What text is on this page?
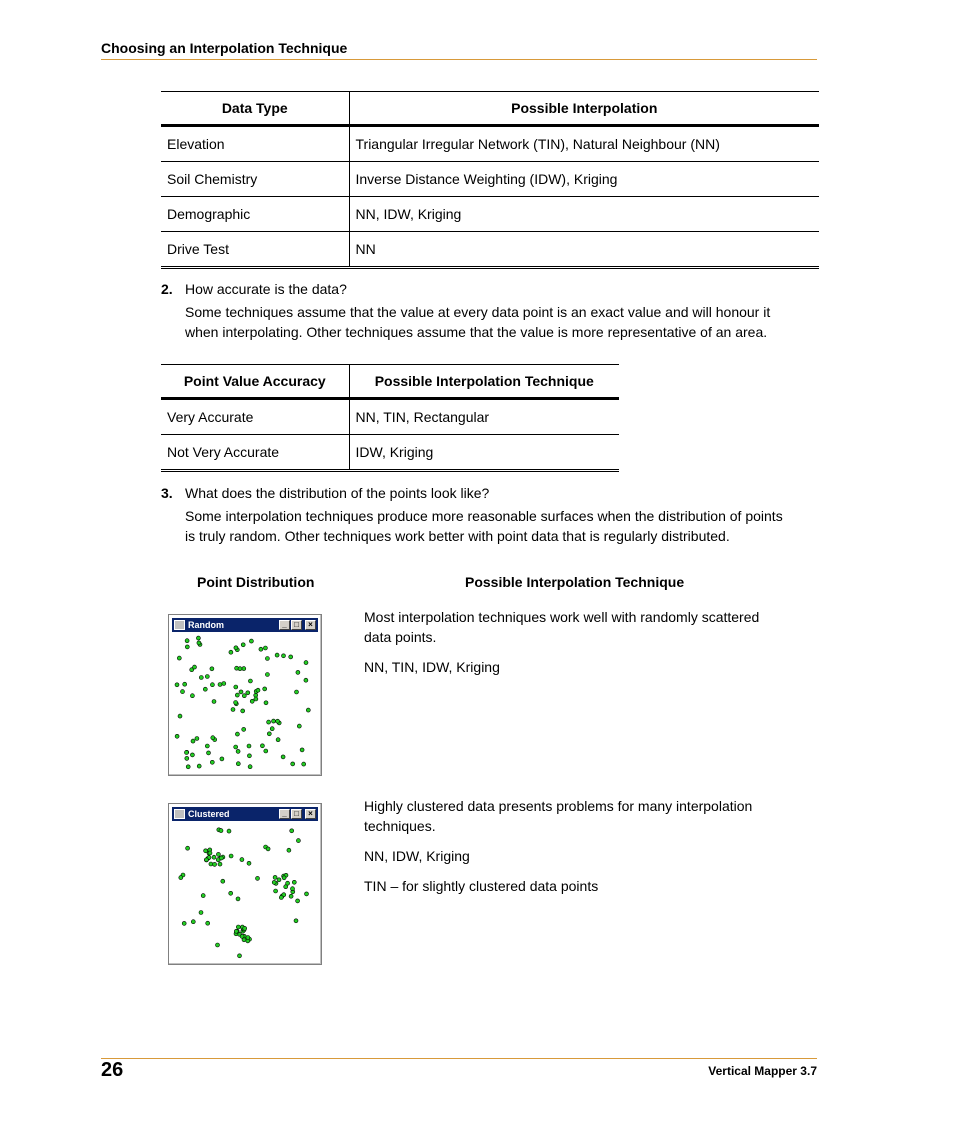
Choosing an Interpolation Technique
Data Type	Possible Interpolation
Elevation	Triangular Irregular Network (TIN), Natural Neighbour (NN)
Soil Chemistry	Inverse Distance Weighting (IDW), Kriging
Demographic	NN, IDW, Kriging
Drive Test	NN
2. How accurate is the data?
Some techniques assume that the value at every data point is an exact value and will honour it
when interpolating. Other techniques assume that the value is more representative of an area.
Point Value Accuracy	Possible Interpolation Technique
Very Accurate	NN, TIN, Rectangular
Not Very Accurate	IDW, Kriging
3. What does the distribution of the points look like?
Some interpolation techniques produce more reasonable surfaces when the distribution of points
is truly random. Other techniques work better with point data that is regularly distributed.
Point Distribution	Possible Interpolation Technique
Random	_ □	×	Most interpolation techniques work well with randomly scattered
data points.
NN, TIN, IDW, Kriging
Clustered	_ □	×	Highly clustered data presents problems for many interpolation
techniques.
NN, IDW, Kriging
TIN – for slightly clustered data points
26	Vertical Mapper 3.7
